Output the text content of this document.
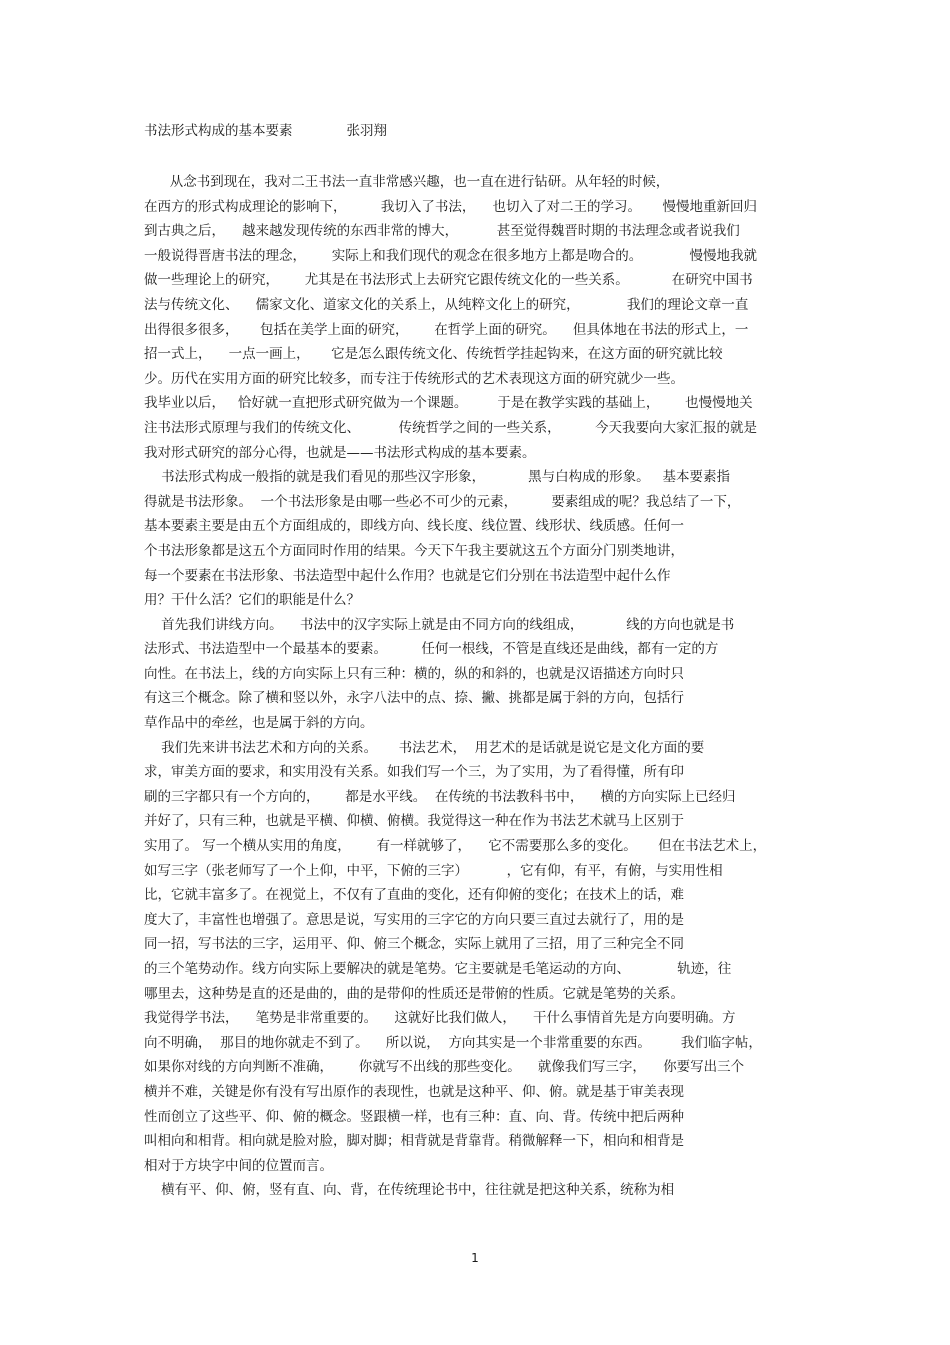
书法形式构成的基本要素	张羽翔
从念书到现在，我对二王书法一直非常感兴趣，也一直在进行钻研。从年轻的时候，
在西方的形式构成理论的影响下，        我切入了书法，    也切入了对二王的学习。     慢慢地重新回归
到古典之后，    越来越发现传统的东西非常的博大，         甚至觉得魏晋时期的书法理念或者说我们
一般说得晋唐书法的理念，      实际上和我们现代的观念在很多地方上都是吻合的。           慢慢地我就
做一些理论上的研究，      尤其是在书法形式上去研究它跟传统文化的一些关系。          在研究中国书
法与传统文化、    儒家文化、道家文化的关系上，从纯粹文化上的研究，           我们的理论文章一直
出得很多很多，     包括在美学上面的研究，      在哲学上面的研究。    但具体地在书法的形式上，一
招一式上，    一点一画上，     它是怎么跟传统文化、传统哲学挂起钩来，在这方面的研究就比较
少。历代在实用方面的研究比较多，而专注于传统形式的艺术表现这方面的研究就少一些。
我毕业以后，   恰好就一直把形式研究做为一个课题。       于是在教学实践的基础上，      也慢慢地关
注书法形式原理与我们的传统文化、         传统哲学之间的一些关系，        今天我要向大家汇报的就是
我对形式研究的部分心得，也就是——书法形式构成的基本要素。
书法形式构成一般指的就是我们看见的那些汉字形象，          黑与白构成的形象。   基本要素指
得就是书法形象。  一个书法形象是由哪一些必不可少的元素，        要素组成的呢？我总结了一下，
基本要素主要是由五个方面组成的，即线方向、线长度、线位置、线形状、线质感。任何一
个书法形象都是这五个方面同时作用的结果。今天下午我主要就这五个方面分门别类地讲，
每一个要素在书法形象、书法造型中起什么作用？也就是它们分别在书法造型中起什么作
用？干什么活？它们的职能是什么？
首先我们讲线方向。    书法中的汉字实际上就是由不同方向的线组成，          线的方向也就是书
法形式、书法造型中一个最基本的要素。        任何一根线，不管是直线还是曲线，都有一定的方
向性。在书法上，线的方向实际上只有三种：横的，纵的和斜的，也就是汉语描述方向时只
有这三个概念。除了横和竖以外，永字八法中的点、捺、撇、挑都是属于斜的方向，包括行
草作品中的牵丝，也是属于斜的方向。
我们先来讲书法艺术和方向的关系。     书法艺术，  用艺术的是话就是说它是文化方面的要
求，审美方面的要求，和实用没有关系。如我们写一个三，为了实用，为了看得懂，所有印
刷的三字都只有一个方向的，      都是水平线。  在传统的书法教科书中，    横的方向实际上已经归
并好了，只有三种，也就是平横、仰横、俯横。我觉得这一种在作为书法艺术就马上区别于
实用了。 写一个横从实用的角度，      有一样就够了，    它不需要那么多的变化。     但在书法艺术上，
如写三字（张老师写了一个上仰，中平，下俯的三字）         ，它有仰，有平，有俯，与实用性相
比，它就丰富多了。在视觉上，不仅有了直曲的变化，还有仰俯的变化；在技术上的话，难
度大了，丰富性也增强了。意思是说，写实用的三字它的方向只要三直过去就行了，用的是
同一招，写书法的三字，运用平、仰、俯三个概念，实际上就用了三招，用了三种完全不同
的三个笔势动作。线方向实际上要解决的就是笔势。它主要就是毛笔运动的方向、           轨迹，往
哪里去，这种势是直的还是曲的，曲的是带仰的性质还是带俯的性质。它就是笔势的关系。
我觉得学书法，    笔势是非常重要的。    这就好比我们做人，    干什么事情首先是方向要明确。方
向不明确，  那目的地你就走不到了。    所以说，  方向其实是一个非常重要的东西。       我们临字帖，
如果你对线的方向判断不准确，      你就写不出线的那些变化。    就像我们写三字，    你要写出三个
横并不难，关键是你有没有写出原作的表现性，也就是这种平、仰、俯。就是基于审美表现
性而创立了这些平、仰、俯的概念。竖跟横一样，也有三种：直、向、背。传统中把后两种
叫相向和相背。相向就是脸对脸，脚对脚；相背就是背靠背。稍微解释一下，相向和相背是
相对于方块字中间的位置而言。
横有平、仰、俯，竖有直、向、背，在传统理论书中，往往就是把这种关系，统称为相
1
